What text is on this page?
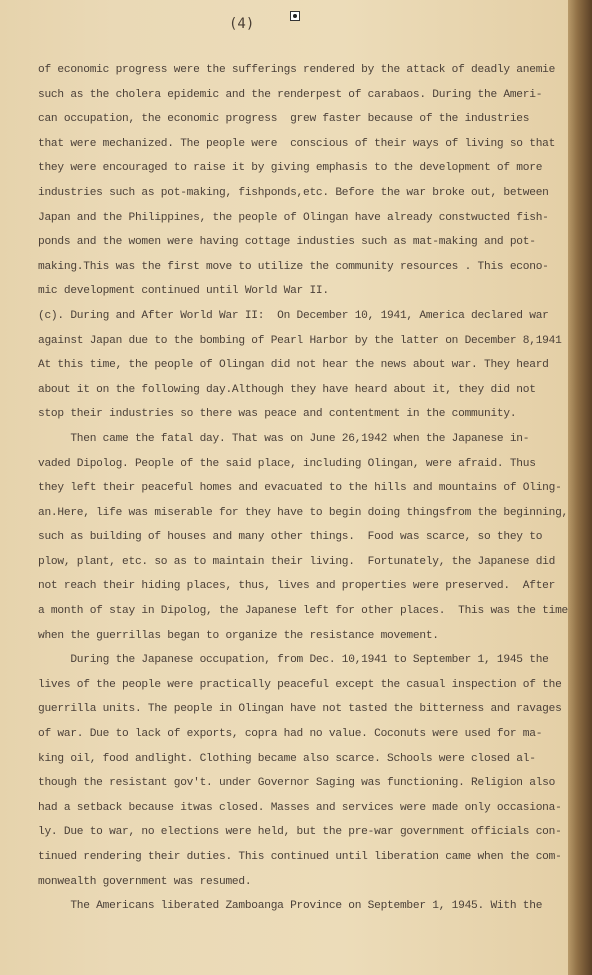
(4)
of economic progress were the sufferings rendered by the attack of deadly anemie
such as the cholera epidemic and the renderpest of carabaos. During the Ameri-
can occupation, the economic progress  grew faster because of the industries
that were mechanized. The people were  conscious of their ways of living so that
they were encouraged to raise it by giving emphasis to the development of more
industries such as pot-making, fishponds,etc. Before the war broke out, between
Japan and the Philippines, the people of Olingan have already constwucted fish-
ponds and the women were having cottage industies such as mat-making and pot-
making.This was the first move to utilize the community resources . This econo-
mic development continued until World War II.
(c). During and After World War II:  On December 10, 1941, America declared war
against Japan due to the bombing of Pearl Harbor by the latter on December 8,1941
At this time, the people of Olingan did not hear the news about war. They heard
about it on the following day.Although they have heard about it, they did not
stop their industries so there was peace and contentment in the community.
Then came the fatal day. That was on June 26,1942 when the Japanese in-
vaded Dipolog. People of the said place, including Olingan, were afraid. Thus
they left their peaceful homes and evacuated to the hills and mountains of Oling-
an.Here, life was miserable for they have to begin doing thingsfrom the beginning,
such as building of houses and many other things.  Food was scarce, so they to
plow, plant, etc. so as to maintain their living.  Fortunately, the Japanese did
not reach their hiding places, thus, lives and properties were preserved.  After
a month of stay in Dipolog, the Japanese left for other places.  This was the time
when the guerrillas began to organize the resistance movement.
During the Japanese occupation, from Dec. 10,1941 to September 1, 1945 the
lives of the people were practically peaceful except the casual inspection of the
guerrilla units. The people in Olingan have not tasted the bitterness and ravages
of war. Due to lack of exports, copra had no value. Coconuts were used for ma-
king oil, food andlight. Clothing became also scarce. Schools were closed al-
though the resistant gov't. under Governor Saging was functioning. Religion also
had a setback because itwas closed. Masses and services were made only occasiona-
ly. Due to war, no elections were held, but the pre-war government officials con-
tinued rendering their duties. This continued until liberation came when the com-
monwealth government was resumed.
The Americans liberated Zamboanga Province on September 1, 1945. With the
